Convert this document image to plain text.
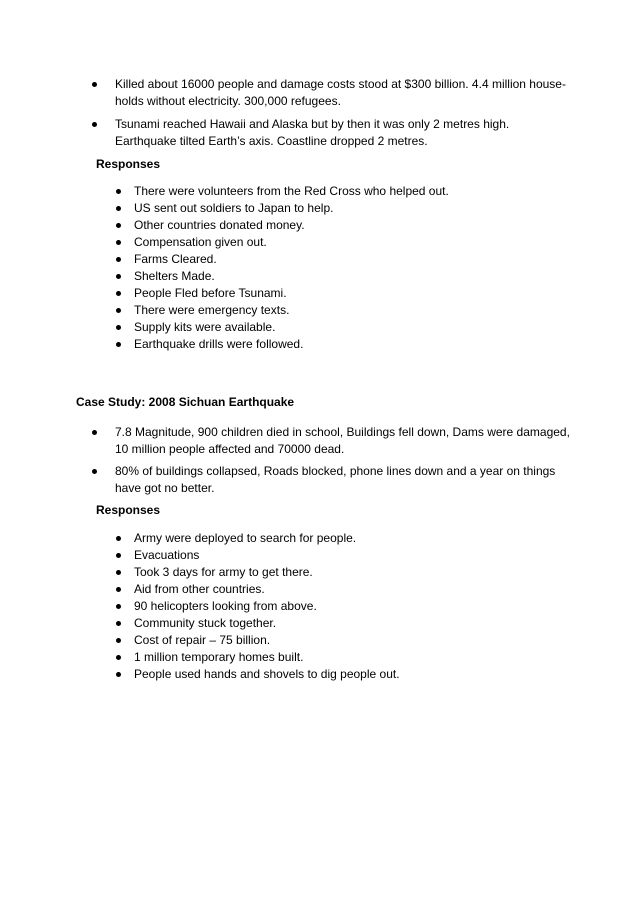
Killed about 16000 people and damage costs stood at $300 billion. 4.4 million house-holds without electricity. 300,000 refugees.
Tsunami reached Hawaii and Alaska but by then it was only 2 metres high. Earthquake tilted Earth’s axis. Coastline dropped 2 metres.
Responses
There were volunteers from the Red Cross who helped out.
US sent out soldiers to Japan to help.
Other countries donated money.
Compensation given out.
Farms Cleared.
Shelters Made.
People Fled before Tsunami.
There were emergency texts.
Supply kits were available.
Earthquake drills were followed.
Case Study: 2008 Sichuan Earthquake
7.8 Magnitude, 900 children died in school, Buildings fell down, Dams were damaged, 10 million people affected and 70000 dead.
80% of buildings collapsed, Roads blocked, phone lines down and a year on things have got no better.
Responses
Army were deployed to search for people.
Evacuations
Took 3 days for army to get there.
Aid from other countries.
90 helicopters looking from above.
Community stuck together.
Cost of repair – 75 billion.
1 million temporary homes built.
People used hands and shovels to dig people out.
